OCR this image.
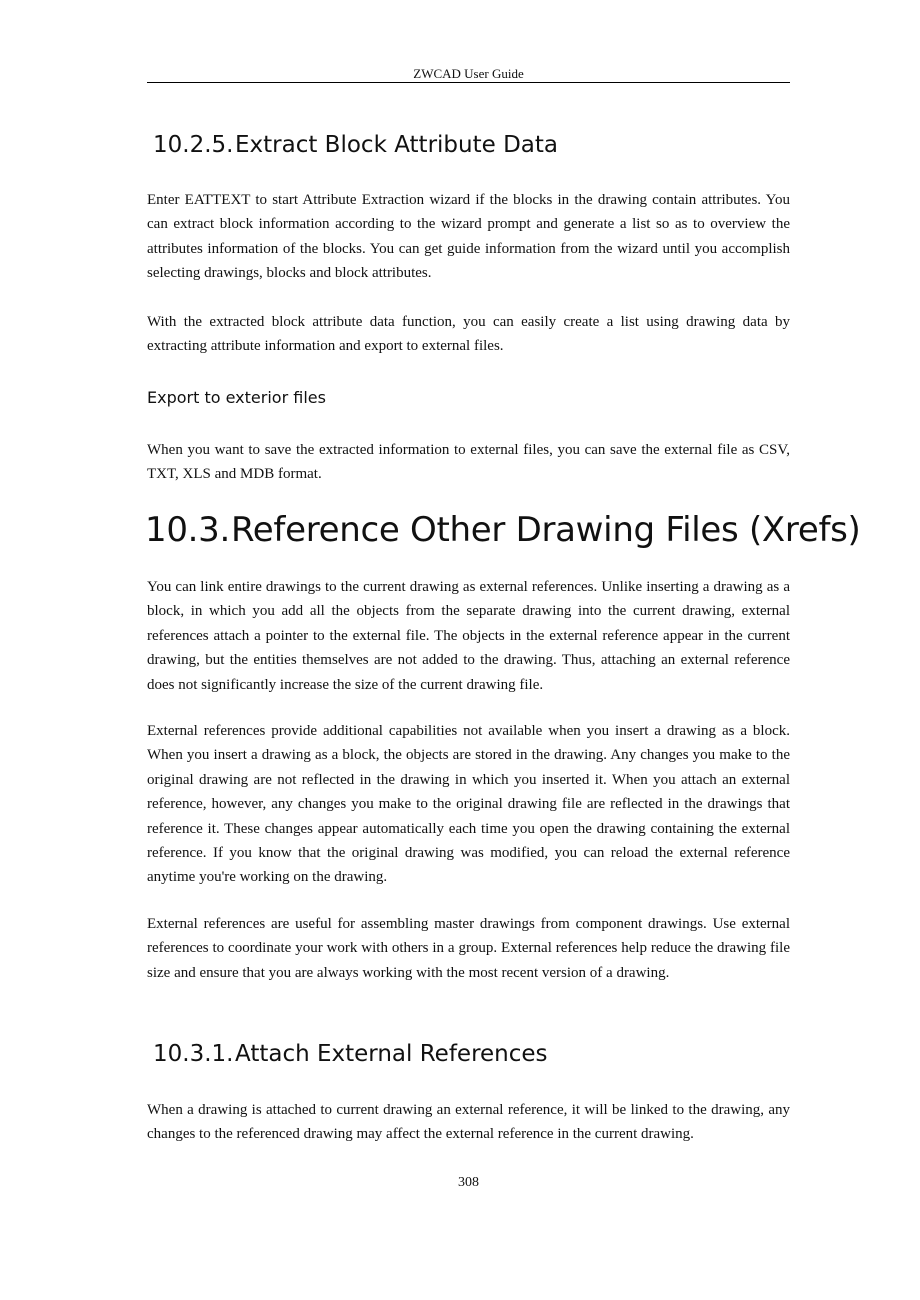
ZWCAD User Guide
10.2.5.Extract Block Attribute Data

Enter EATTEXT to start Attribute Extraction wizard if the blocks in the drawing contain attributes. You can extract block information according to the wizard prompt and generate a list so as to overview the attributes information of the blocks. You can get guide information from the wizard until you accomplish selecting drawings, blocks and block attributes.

With the extracted block attribute data function, you can easily create a list using drawing data by extracting attribute information and export to external files.

Export to exterior files

When you want to save the extracted information to external files, you can save the external file as CSV, TXT, XLS and MDB format.

10.3.Reference Other Drawing Files (Xrefs)

You can link entire drawings to the current drawing as external references. Unlike inserting a drawing as a block, in which you add all the objects from the separate drawing into the current drawing, external references attach a pointer to the external file. The objects in the external reference appear in the current drawing, but the entities themselves are not added to the drawing. Thus, attaching an external reference does not significantly increase the size of the current drawing file.

External references provide additional capabilities not available when you insert a drawing as a block. When you insert a drawing as a block, the objects are stored in the drawing. Any changes you make to the original drawing are not reflected in the drawing in which you inserted it. When you attach an external reference, however, any changes you make to the original drawing file are reflected in the drawings that reference it. These changes appear automatically each time you open the drawing containing the external reference. If you know that the original drawing was modified, you can reload the external reference anytime you're working on the drawing.

External references are useful for assembling master drawings from component drawings. Use external references to coordinate your work with others in a group. External references help reduce the drawing file size and ensure that you are always working with the most recent version of a drawing.

10.3.1.Attach External References

When a drawing is attached to current drawing an external reference, it will be linked to the drawing, any changes to the referenced drawing may affect the external reference in the current drawing.

308
